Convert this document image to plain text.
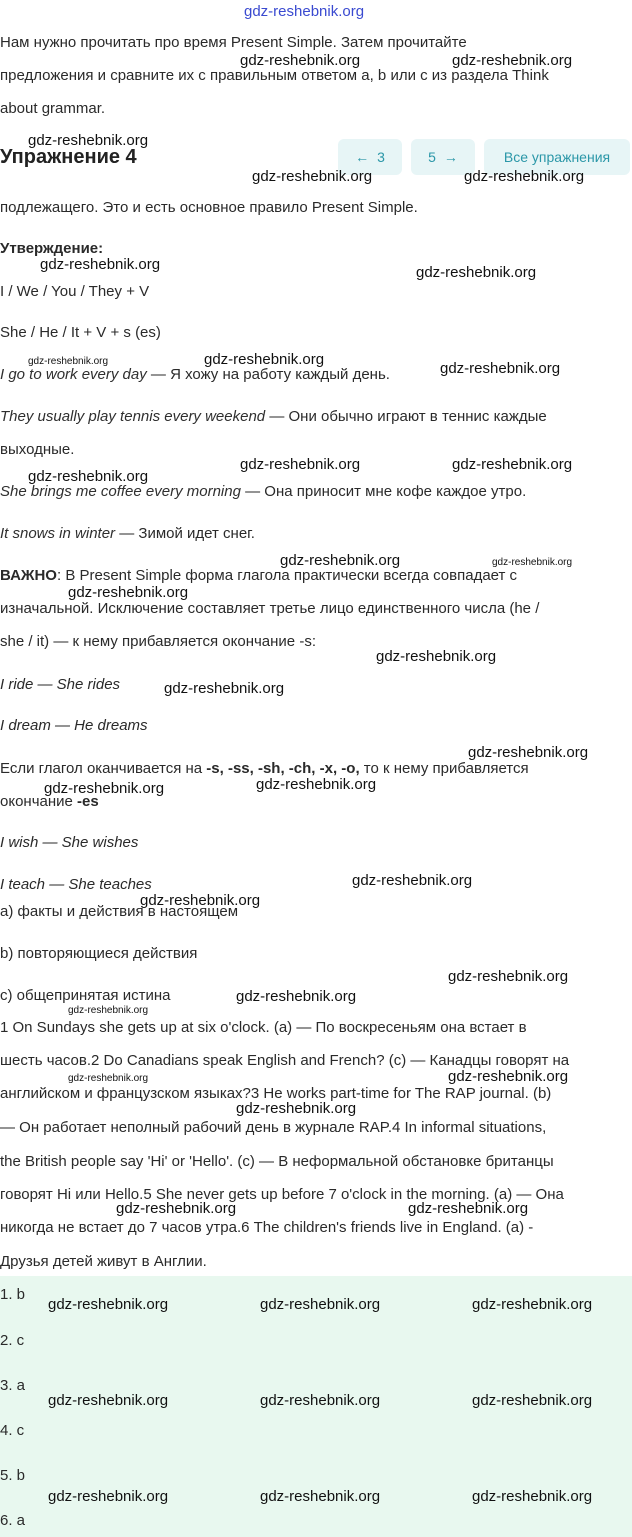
gdz-reshebnik.org
Нам нужно прочитать про время Present Simple. Затем прочитайте
предложения и сравните их с правильным ответом a, b или с из раздела Think
about grammar.
Упражнение 4	← 3	5 →	Все упражнения
подлежащего. Это и есть основное правило Present Simple.
Утверждение:
I / We / You / They + V
She / He / It + V + s (es)
I go to work every day — Я хожу на работу каждый день.
They usually play tennis every weekend — Они обычно играют в теннис каждые
выходные.
She brings me coffee every morning — Она приносит мне кофе каждое утро.
It snows in winter — Зимой идет снег.
ВАЖНО: В Present Simple форма глагола практически всегда совпадает с
изначальной. Исключение составляет третье лицо единственного числа (he /
she / it) — к нему прибавляется окончание -s:
I ride — She rides
I dream — He dreams
Если глагол оканчивается на -s, -ss, -sh, -ch, -x, -o, то к нему прибавляется
окончание -es
I wish — She wishes
I teach — She teaches
а) факты и действия в настоящем
b) повторяющиеся действия
c) общепринятая истина
1 On Sundays she gets up at six o'clock. (a) — По воскресеньям она встает в
шесть часов.2 Do Canadians speak English and French? (c) — Канадцы говорят на
английском и французском языках?3 He works part-time for The RAP journal. (b)
— Он работает неполный рабочий день в журнале RAP.4 In informal situations,
the British people say 'Hi' or 'Hello'. (c) — В неформальной обстановке британцы
говорят Hi или Hello.5 She never gets up before 7 o'clock in the morning. (a) — Она
никогда не встает до 7 часов утра.6 The children's friends live in England. (a) -
Друзья детей живут в Англии.
1. b
2. c
3. a
4. c
5. b
6. a
gdz-reshebnik.org	gdz-reshebnik.org
gdz-reshebnik.org
gdz-reshebnik.org	gdz-reshebnik.org
gdz-reshebnik.org	gdz-reshebnik.org
gdz-reshebnik.org	gdz-reshebnik.org
gdz-reshebnik.org
gdz-reshebnik.org	gdz-reshebnik.org
gdz-reshebnik.org
gdz-reshebnik.org	gdz-reshebnik.org
gdz-reshebnik.org
gdz-reshebnik.org
gdz-reshebnik.org
gdz-reshebnik.org
gdz-reshebnik.org
gdz-reshebnik.org
gdz-reshebnik.org
gdz-reshebnik.org
gdz-reshebnik.org
gdz-reshebnik.org
gdz-reshebnik.org
gdz-reshebnik.org	gdz-reshebnik.org
gdz-reshebnik.org
gdz-reshebnik.org	gdz-reshebnik.org
gdz-reshebnik.org	gdz-reshebnik.org	gdz-reshebnik.org
gdz-reshebnik.org	gdz-reshebnik.org	gdz-reshebnik.org
gdz-reshebnik.org	gdz-reshebnik.org	gdz-reshebnik.org
